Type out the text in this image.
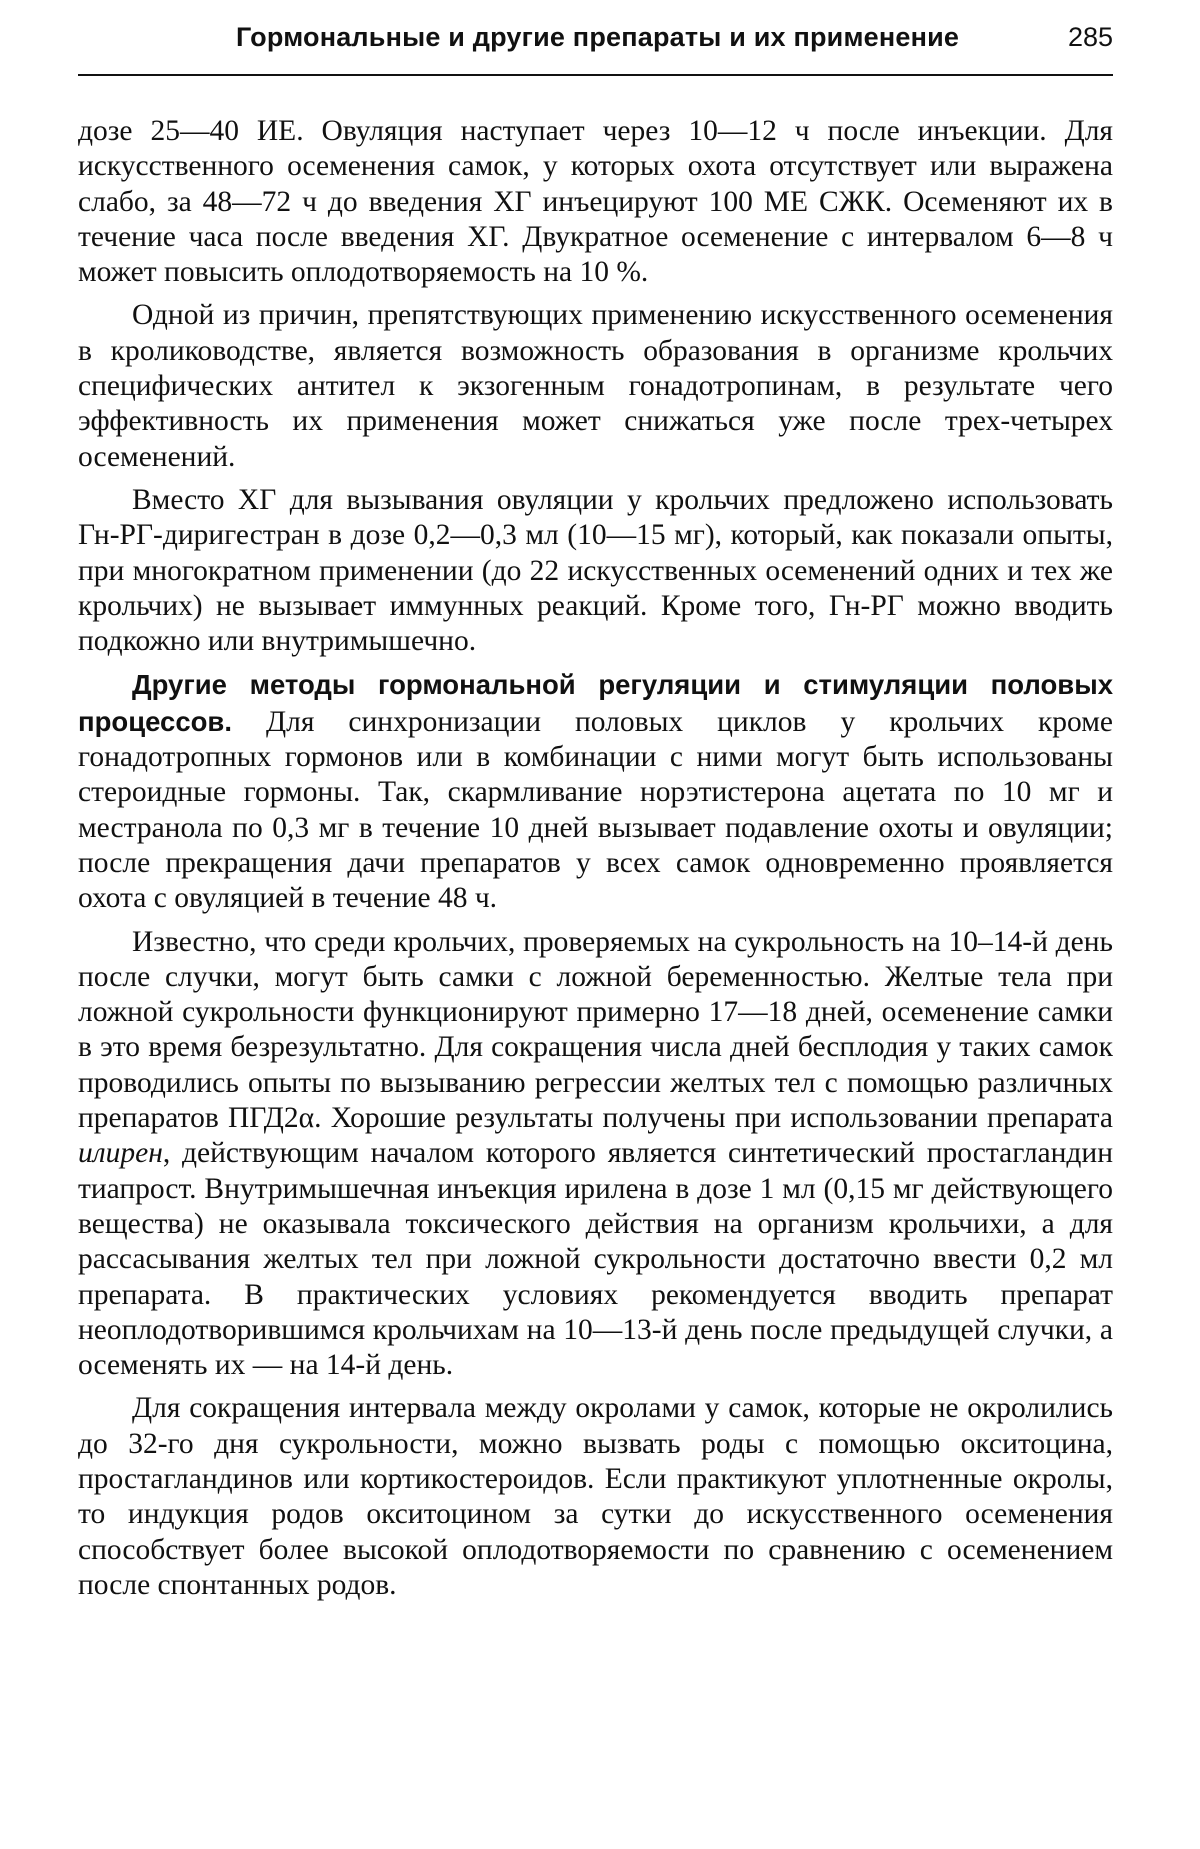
Гормональные и другие препараты и их применение	285

дозе 25—40 ИЕ. Овуляция наступает через 10—12 ч после инъекции. Для искусственного осеменения самок, у которых охота отсутствует или выражена слабо, за 48—72 ч до введения ХГ инъецируют 100 МЕ СЖК. Осеменяют их в течение часа после введения ХГ. Двукратное осеменение с интервалом 6—8 ч может повысить оплодотворяемость на 10 %.

Одной из причин, препятствующих применению искусственного осеменения в кролиководстве, является возможность образования в организме крольчих специфических антител к экзогенным гонадотропинам, в результате чего эффективность их применения может снижаться уже после трех-четырех осеменений.

Вместо ХГ для вызывания овуляции у крольчих предложено использовать Гн-РГ-диригестран в дозе 0,2—0,3 мл (10—15 мг), который, как показали опыты, при многократном применении (до 22 искусственных осеменений одних и тех же крольчих) не вызывает иммунных реакций. Кроме того, Гн-РГ можно вводить подкожно или внутримышечно.

Другие методы гормональной регуляции и стимуляции половых процессов. Для синхронизации половых циклов у крольчих кроме гонадотропных гормонов или в комбинации с ними могут быть использованы стероидные гормоны. Так, скармливание норэтистерона ацетата по 10 мг и местранола по 0,3 мг в течение 10 дней вызывает подавление охоты и овуляции; после прекращения дачи препаратов у всех самок одновременно проявляется охота с овуляцией в течение 48 ч.

Известно, что среди крольчих, проверяемых на сукрольность на 10–14-й день после случки, могут быть самки с ложной беременностью. Желтые тела при ложной сукрольности функционируют примерно 17—18 дней, осеменение самки в это время безрезультатно. Для сокращения числа дней бесплодия у таких самок проводились опыты по вызыванию регрессии желтых тел с помощью различных препаратов ПГД2α. Хорошие результаты получены при использовании препарата илирен, действующим началом которого является синтетический простагландин тиапрост. Внутримышечная инъекция ирилена в дозе 1 мл (0,15 мг действующего вещества) не оказывала токсического действия на организм крольчихи, а для рассасывания желтых тел при ложной сукрольности достаточно ввести 0,2 мл препарата. В практических условиях рекомендуется вводить препарат неоплодотворившимся крольчихам на 10—13-й день после предыдущей случки, а осеменять их — на 14-й день.

Для сокращения интервала между окролами у самок, которые не окролились до 32-го дня сукрольности, можно вызвать роды с помощью окситоцина, простагландинов или кортикостероидов. Если практикуют уплотненные окролы, то индукция родов окситоцином за сутки до искусственного осеменения способствует более высокой оплодотворяемости по сравнению с осеменением после спонтанных родов.
